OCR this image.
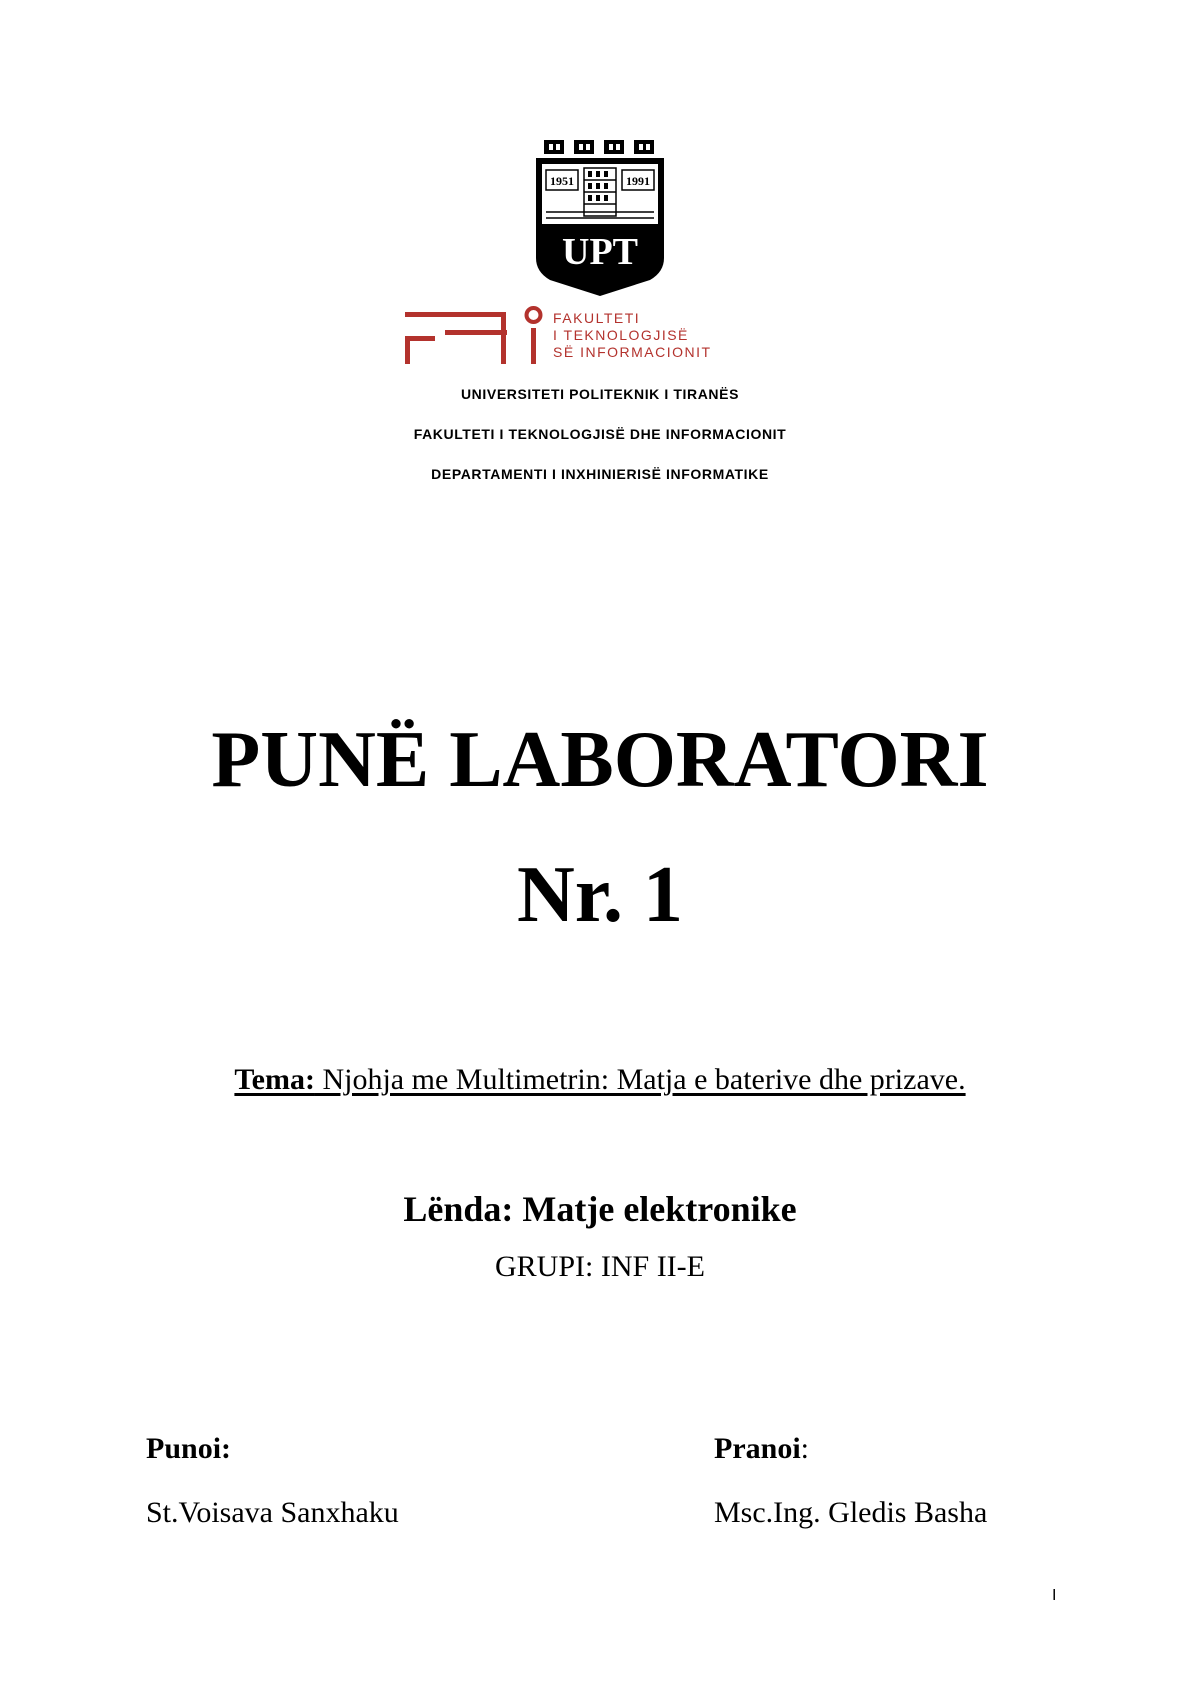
1951	1991
UPT
FAKULTETI
I TEKNOLOGJISË
SË INFORMACIONIT
UNIVERSITETI POLITEKNIK I TIRANËS
FAKULTETI I TEKNOLOGJISË DHE INFORMACIONIT
DEPARTAMENTI I INXHINIERISË INFORMATIKE
PUNË LABORATORI
Nr. 1
Tema: Njohja me Multimetrin: Matja e baterive dhe prizave.
Lënda: Matje elektronike
GRUPI: INF II-E
Punoi:
St.Voisava Sanxhaku
Pranoi:
Msc.Ing. Gledis Basha
I
